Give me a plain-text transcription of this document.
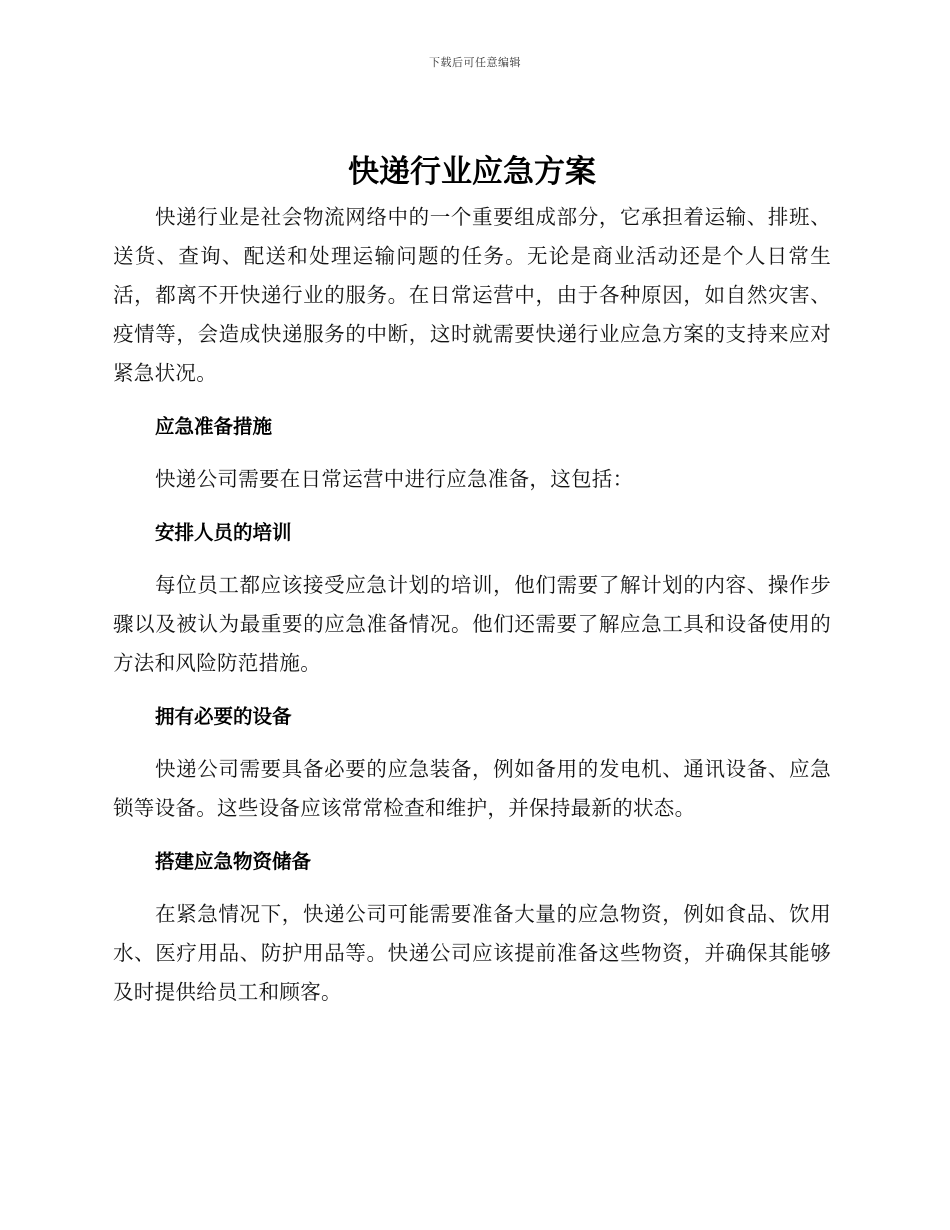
下载后可任意编辑
快递行业应急方案

快递行业是社会物流网络中的一个重要组成部分，它承担着运输、排班、送货、查询、配送和处理运输问题的任务。无论是商业活动还是个人日常生活，都离不开快递行业的服务。在日常运营中，由于各种原因，如自然灾害、疫情等，会造成快递服务的中断，这时就需要快递行业应急方案的支持来应对紧急状况。

应急准备措施

快递公司需要在日常运营中进行应急准备，这包括：

安排人员的培训

每位员工都应该接受应急计划的培训，他们需要了解计划的内容、操作步骤以及被认为最重要的应急准备情况。他们还需要了解应急工具和设备使用的方法和风险防范措施。

拥有必要的设备

快递公司需要具备必要的应急装备，例如备用的发电机、通讯设备、应急锁等设备。这些设备应该常常检查和维护，并保持最新的状态。

搭建应急物资储备

在紧急情况下，快递公司可能需要准备大量的应急物资，例如食品、饮用水、医疗用品、防护用品等。快递公司应该提前准备这些物资，并确保其能够及时提供给员工和顾客。
